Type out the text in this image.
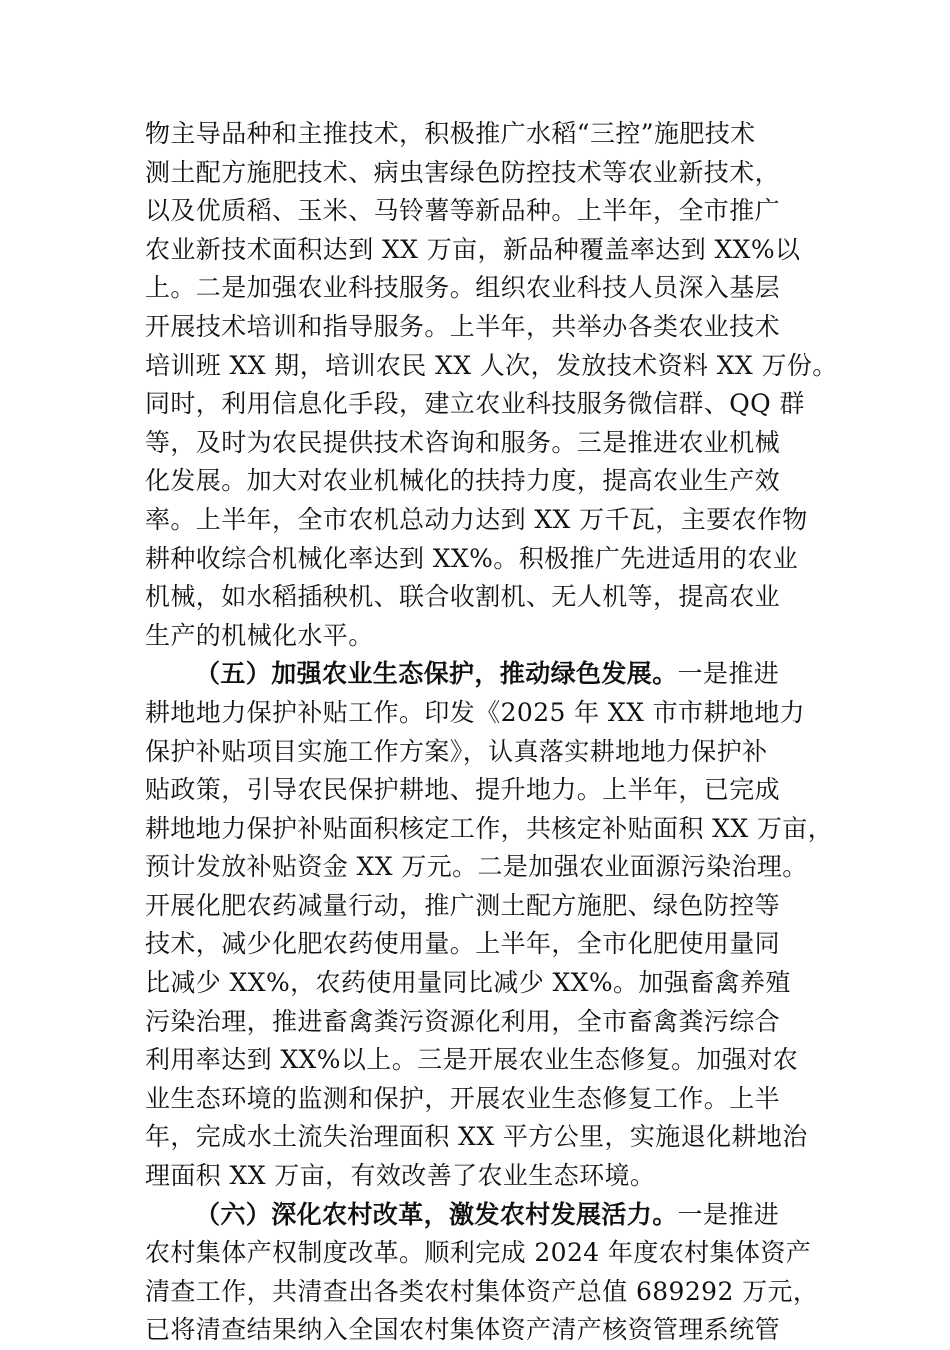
物主导品种和主推技术，积极推广水稻“三控”施肥技术
测土配方施肥技术、病虫害绿色防控技术等农业新技术，
以及优质稻、玉米、马铃薯等新品种。上半年，全市推广
农业新技术面积达到 XX 万亩，新品种覆盖率达到 XX%以
上。二是加强农业科技服务。组织农业科技人员深入基层
开展技术培训和指导服务。上半年，共举办各类农业技术
培训班 XX 期，培训农民 XX 人次，发放技术资料 XX 万份。
同时，利用信息化手段，建立农业科技服务微信群、QQ 群
等，及时为农民提供技术咨询和服务。三是推进农业机械
化发展。加大对农业机械化的扶持力度，提高农业生产效
率。上半年，全市农机总动力达到 XX 万千瓦，主要农作物
耕种收综合机械化率达到 XX%。积极推广先进适用的农业
机械，如水稻插秧机、联合收割机、无人机等，提高农业
生产的机械化水平。
（五）加强农业生态保护，推动绿色发展。一是推进
耕地地力保护补贴工作。印发《2025 年 XX 市市耕地地力
保护补贴项目实施工作方案》，认真落实耕地地力保护补
贴政策，引导农民保护耕地、提升地力。上半年，已完成
耕地地力保护补贴面积核定工作，共核定补贴面积 XX 万亩，
预计发放补贴资金 XX 万元。二是加强农业面源污染治理。
开展化肥农药减量行动，推广测土配方施肥、绿色防控等
技术，减少化肥农药使用量。上半年，全市化肥使用量同
比减少 XX%，农药使用量同比减少 XX%。加强畜禽养殖
污染治理，推进畜禽粪污资源化利用，全市畜禽粪污综合
利用率达到 XX%以上。三是开展农业生态修复。加强对农
业生态环境的监测和保护，开展农业生态修复工作。上半
年，完成水土流失治理面积 XX 平方公里，实施退化耕地治
理面积 XX 万亩，有效改善了农业生态环境。
（六）深化农村改革，激发农村发展活力。一是推进
农村集体产权制度改革。顺利完成 2024 年度农村集体资产
清查工作，共清查出各类农村集体资产总值 689292 万元，
已将清查结果纳入全国农村集体资产清产核资管理系统管
